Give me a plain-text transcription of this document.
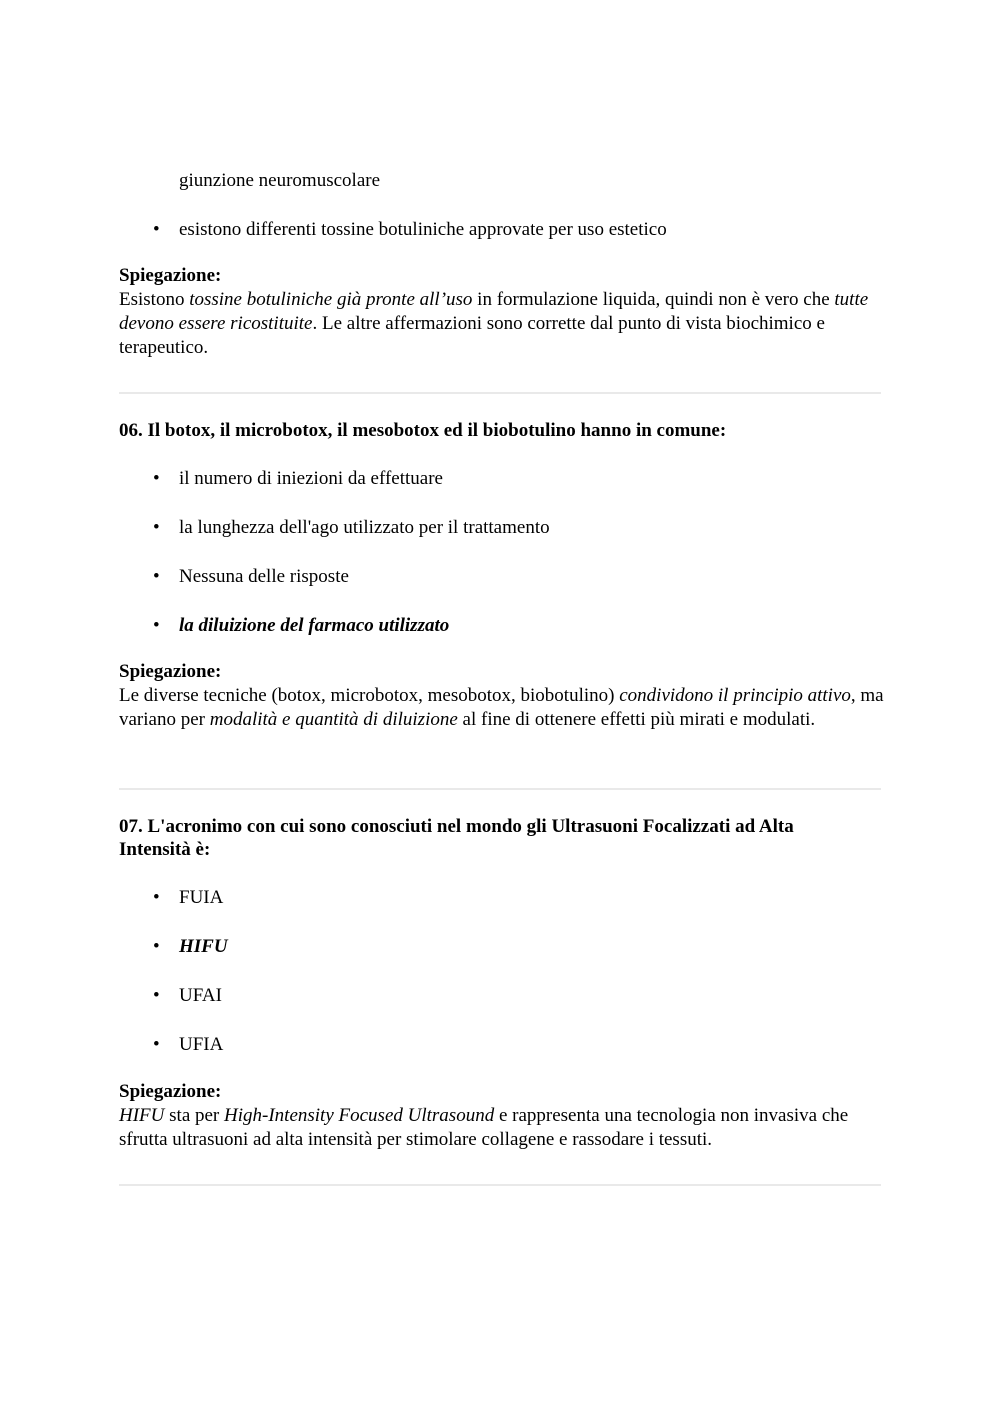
giunzione neuromuscolare
• esistono differenti tossine botuliniche approvate per uso estetico
Spiegazione:
Esistono tossine botuliniche già pronte all’uso in formulazione liquida, quindi non è vero che tutte devono essere ricostituite. Le altre affermazioni sono corrette dal punto di vista biochimico e terapeutico.
06. Il botox, il microbotox, il mesobotox ed il biobotulino hanno in comune:
• il numero di iniezioni da effettuare
• la lunghezza dell'ago utilizzato per il trattamento
• Nessuna delle risposte
• la diluizione del farmaco utilizzato
Spiegazione:
Le diverse tecniche (botox, microbotox, mesobotox, biobotulino) condividono il principio attivo, ma variano per modalità e quantità di diluizione al fine di ottenere effetti più mirati e modulati.
07. L'acronimo con cui sono conosciuti nel mondo gli Ultrasuoni Focalizzati ad Alta
Intensità è:
• FUIA
• HIFU
• UFAI
• UFIA
Spiegazione:
HIFU sta per High-Intensity Focused Ultrasound e rappresenta una tecnologia non invasiva che sfrutta ultrasuoni ad alta intensità per stimolare collagene e rassodare i tessuti.
